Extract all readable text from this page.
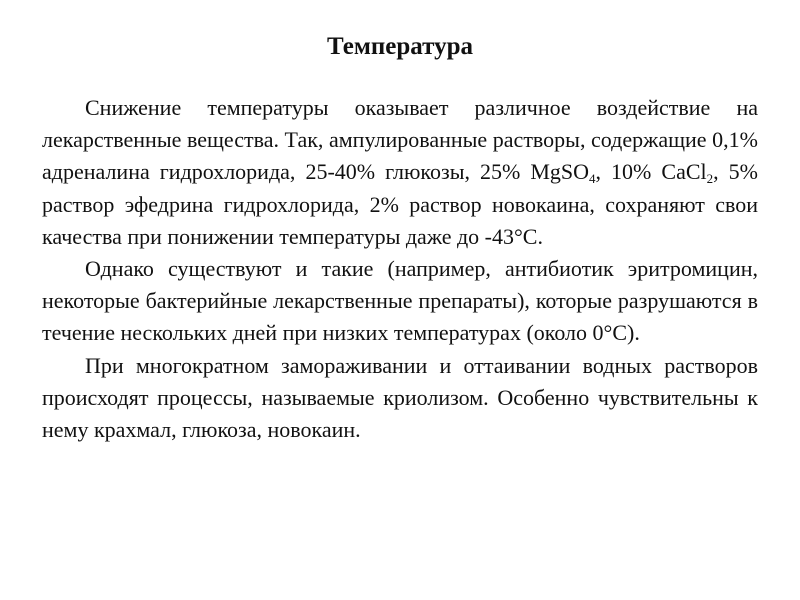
Температура

Снижение температуры оказывает различное воздействие на лекарственные вещества. Так, ампулированные растворы, содержащие 0,1% адреналина гидрохлорида, 25-40% глюкозы, 25% MgSO$_4$, 10% CaCl$_2$, 5% раствор эфедрина гидрохлорида, 2% раствор новокаина, сохраняют свои качества при понижении температуры даже до -43°С.

Однако существуют и такие (например, антибиотик эритромицин, некоторые бактерийные лекарственные препараты), которые разрушаются в течение нескольких дней при низких температурах (около 0°С).

При многократном замораживании и оттаивании водных растворов происходят процессы, называемые криолизом. Особенно чувствительны к нему крахмал, глюкоза, новокаин.
